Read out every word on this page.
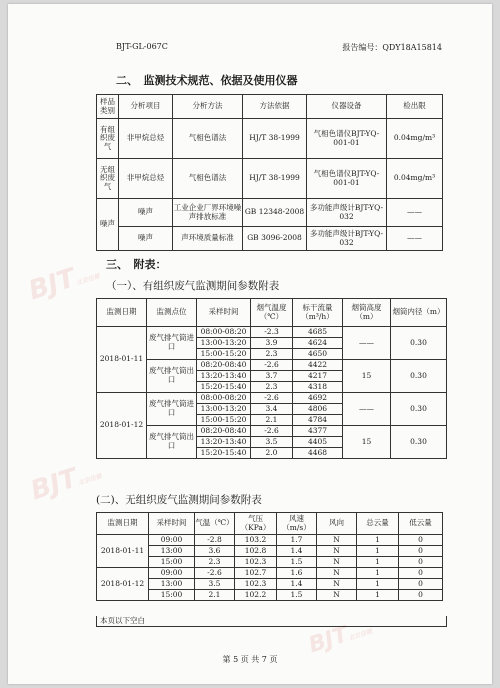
BJT北京佳德
BJT北京佳德
BJT北京佳德
BJT-GL-067C	报告编号：QDY18A15814
二、　监测技术规范、依据及使用仪器
样品类别	分析项目	分析方法	方法依据	仪器设备	检出限
有组织废气	非甲烷总烃	气相色谱法	HJ/T 38-1999	气相色谱仪BJT-YQ-001-01	0.04mg/m³
无组织废气	非甲烷总烃	气相色谱法	HJ/T 38-1999	气相色谱仪BJT-YQ-001-01	0.04mg/m³
噪声	噪声	工业企业厂界环境噪声排放标准	GB 12348-2008	多功能声级计BJT-YQ-032	——
	噪声	声环境质量标准	GB 3096-2008	多功能声级计BJT-YQ-032	——
三、　附表：
（一）、有组织废气监测期间参数附表
监测日期	监测点位	采样时间	烟气温度（℃）	标干流量（m³/h）	烟筒高度（m）	烟筒内径（m）
2018-01-11	废气排气筒进口	08:00-08:20	-2.3	4685	——	0.30
		13:00-13:20	3.9	4624		
		15:00-15:20	2.3	4650		
	废气排气筒出口	08:20-08:40	-2.6	4422	15	0.30
		13:20-13:40	3.7	4217		
		15:20-15:40	2.3	4318		
2018-01-12	废气排气筒进口	08:00-08:20	-2.6	4692	——	0.30
		13:00-13:20	3.4	4806		
		15:00-15:20	2.1	4784		
	废气排气筒出口	08:20-08:40	-2.6	4377	15	0.30
		13:20-13:40	3.5	4405		
		15:20-15:40	2.0	4468		
(二)、无组织废气监测期间参数附表
监测日期	采样时间	气温（℃）	气压（KPa）	风速（m/s）	风向	总云量	低云量
2018-01-11	09:00	-2.8	103.2	1.7	N	1	0
	13:00	3.6	102.8	1.4	N	1	0
	15:00	2.3	102.3	1.5	N	1	0
2018-01-12	09:00	-2.6	102.7	1.6	N	1	0
	13:00	3.5	102.3	1.4	N	1	0
	15:00	2.1	102.2	1.5	N	1	0
本页以下空白
第 5 页 共 7 页
